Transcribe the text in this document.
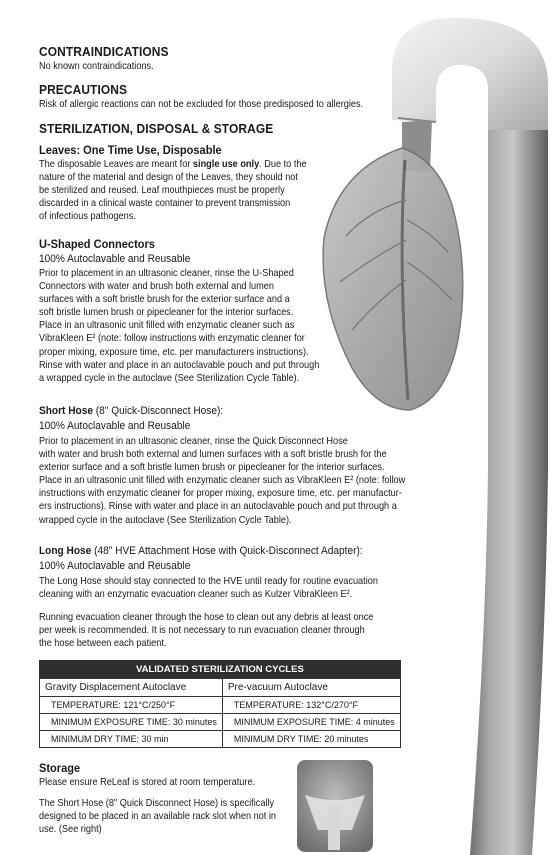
CONTRAINDICATIONS
No known contraindications.
PRECAUTIONS
Risk of allergic reactions can not be excluded for those predisposed to allergies.
STERILIZATION, DISPOSAL & STORAGE
Leaves: One Time Use, Disposable
The disposable Leaves are meant for single use only. Due to the
nature of the material and design of the Leaves, they should not
be sterilized and reused. Leaf mouthpieces must be properly
discarded in a clinical waste container to prevent transmission
of infectious pathogens.
U-Shaped Connectors
100% Autoclavable and Reusable
Prior to placement in an ultrasonic cleaner, rinse the U-Shaped
Connectors with water and brush both external and lumen
surfaces with a soft bristle brush for the exterior surface and a
soft bristle lumen brush or pipecleaner for the interior surfaces.
Place in an ultrasonic unit filled with enzymatic cleaner such as
VibraKleen E² (note: follow instructions with enzymatic cleaner for
proper mixing, exposure time, etc. per manufacturers instructions).
Rinse with water and place in an autoclavable pouch and put through
a wrapped cycle in the autoclave (See Sterilization Cycle Table).
Short Hose (8" Quick-Disconnect Hose):
100% Autoclavable and Reusable
Prior to placement in an ultrasonic cleaner, rinse the Quick Disconnect Hose
with water and brush both external and lumen surfaces with a soft bristle brush for the
exterior surface and a soft bristle lumen brush or pipecleaner for the interior surfaces.
Place in an ultrasonic unit filled with enzymatic cleaner such as VibraKleen E² (note: follow
instructions with enzymatic cleaner for proper mixing, exposure time, etc. per manufactur-
ers instructions). Rinse with water and place in an autoclavable pouch and put through a
wrapped cycle in the autoclave (See Sterilization Cycle Table).
Long Hose (48" HVE Attachment Hose with Quick-Disconnect Adapter):
100% Autoclavable and Reusable
The Long Hose should stay connected to the HVE until ready for routine evacuation
cleaning with an enzymatic evacuation cleaner such as Kulzer VibraKleen E².
Running evacuation cleaner through the hose to clean out any debris at least once
per week is recommended. It is not necessary to run evacuation cleaner through
the hose between each patient.
VALIDATED STERILIZATION CYCLES	
Gravity Displacement Autoclave	Pre-vacuum Autoclave
TEMPERATURE: 121°C/250°F	TEMPERATURE: 132°C/270°F
MINIMUM EXPOSURE TIME: 30 minutes	MINIMUM EXPOSURE TIME: 4 minutes
MINIMUM DRY TIME: 30 min	MINIMUM DRY TIME: 20 minutes
Storage
Please ensure ReLeaf is stored at room temperature.
The Short Hose (8" Quick Disconnect Hose) is specifically
designed to be placed in an available rack slot when not in
use. (See right)
